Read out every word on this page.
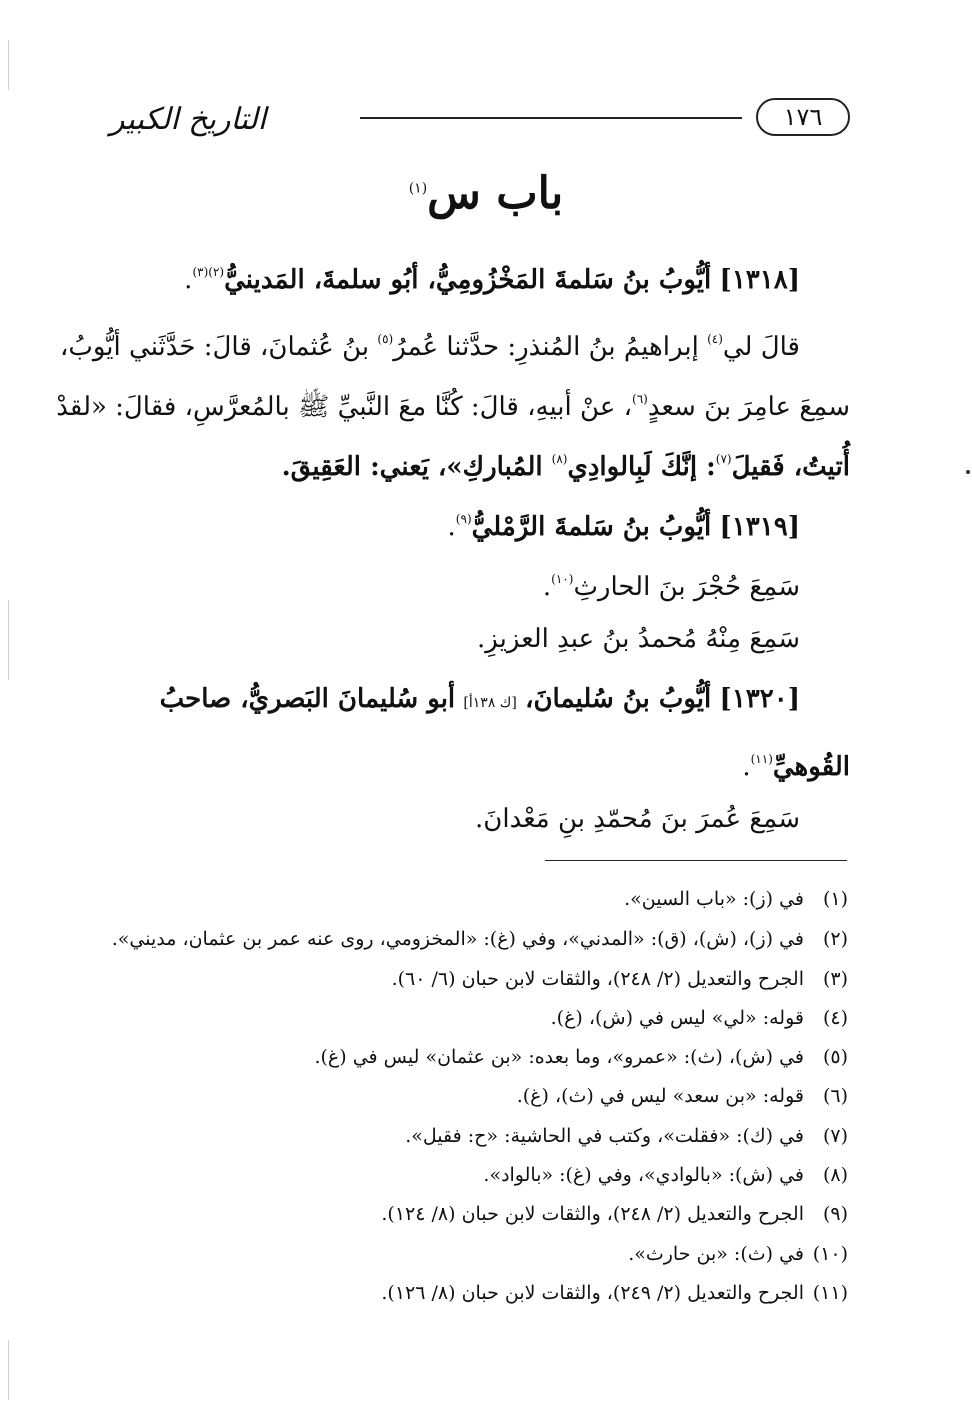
التاريخ الكبير	١٧٦
باب س$^{(١)}$
[١٣١٨] أيُّوبُ بنُ سَلمةَ المَخْزُومِيُّ، أبُو سلمةَ، المَدينيُّ$^{(٢)(٣)}$.
قالَ لي$^{(٤)}$ إبراهيمُ بنُ المُنذرِ: حدَّثنا عُمرُ$^{(٥)}$ بنُ عُثمانَ، قالَ: حَدَّثَني أيُّوبُ،
سمِعَ عامِرَ بنَ سعدٍ$^{(٦)}$، عنْ أبيهِ، قالَ: كُنَّا معَ النَّبيِّ ﷺ بالمُعرَّسِ، فقالَ: «لقدْ
أُتيتُ، فَقيلَ$^{(٧)}$: إنَّكَ لَبِالوادِي$^{(٨)}$ المُباركِ»، يَعني: العَقِيقَ.
[١٣١٩] أيُّوبُ بنُ سَلمةَ الرَّمْليُّ$^{(٩)}$.
سَمِعَ حُجْرَ بنَ الحارثِ$^{(١٠)}$.
سَمِعَ مِنْهُ مُحمدُ بنُ عبدِ العزيزِ.
[١٣٢٠] أيُّوبُ بنُ سُليمانَ، [ك ١٣٨أ] أبو سُليمانَ البَصريُّ، صاحبُ
القُوهيِّ$^{(١١)}$.
سَمِعَ عُمرَ بنَ مُحمّدِ بنِ مَعْدانَ.
(١)في (ز): «باب السين».
(٢)في (ز)، (ش)، (ق): «المدني»، وفي (غ): «المخزومي، روى عنه عمر بن عثمان، مديني».
(٣)الجرح والتعديل (٢/ ٢٤٨)، والثقات لابن حبان (٦/ ٦٠).
(٤)قوله: «لي» ليس في (ش)، (غ).
(٥)في (ش)، (ث): «عمرو»، وما بعده: «بن عثمان» ليس في (غ).
(٦)قوله: «بن سعد» ليس في (ث)، (غ).
(٧)في (ك): «فقلت»، وكتب في الحاشية: «ح: فقيل».
(٨)في (ش): «بالوادي»، وفي (غ): «بالواد».
(٩)الجرح والتعديل (٢/ ٢٤٨)، والثقات لابن حبان (٨/ ١٢٤).
(١٠)في (ث): «بن حارث».
(١١)الجرح والتعديل (٢/ ٢٤٩)، والثقات لابن حبان (٨/ ١٢٦).
